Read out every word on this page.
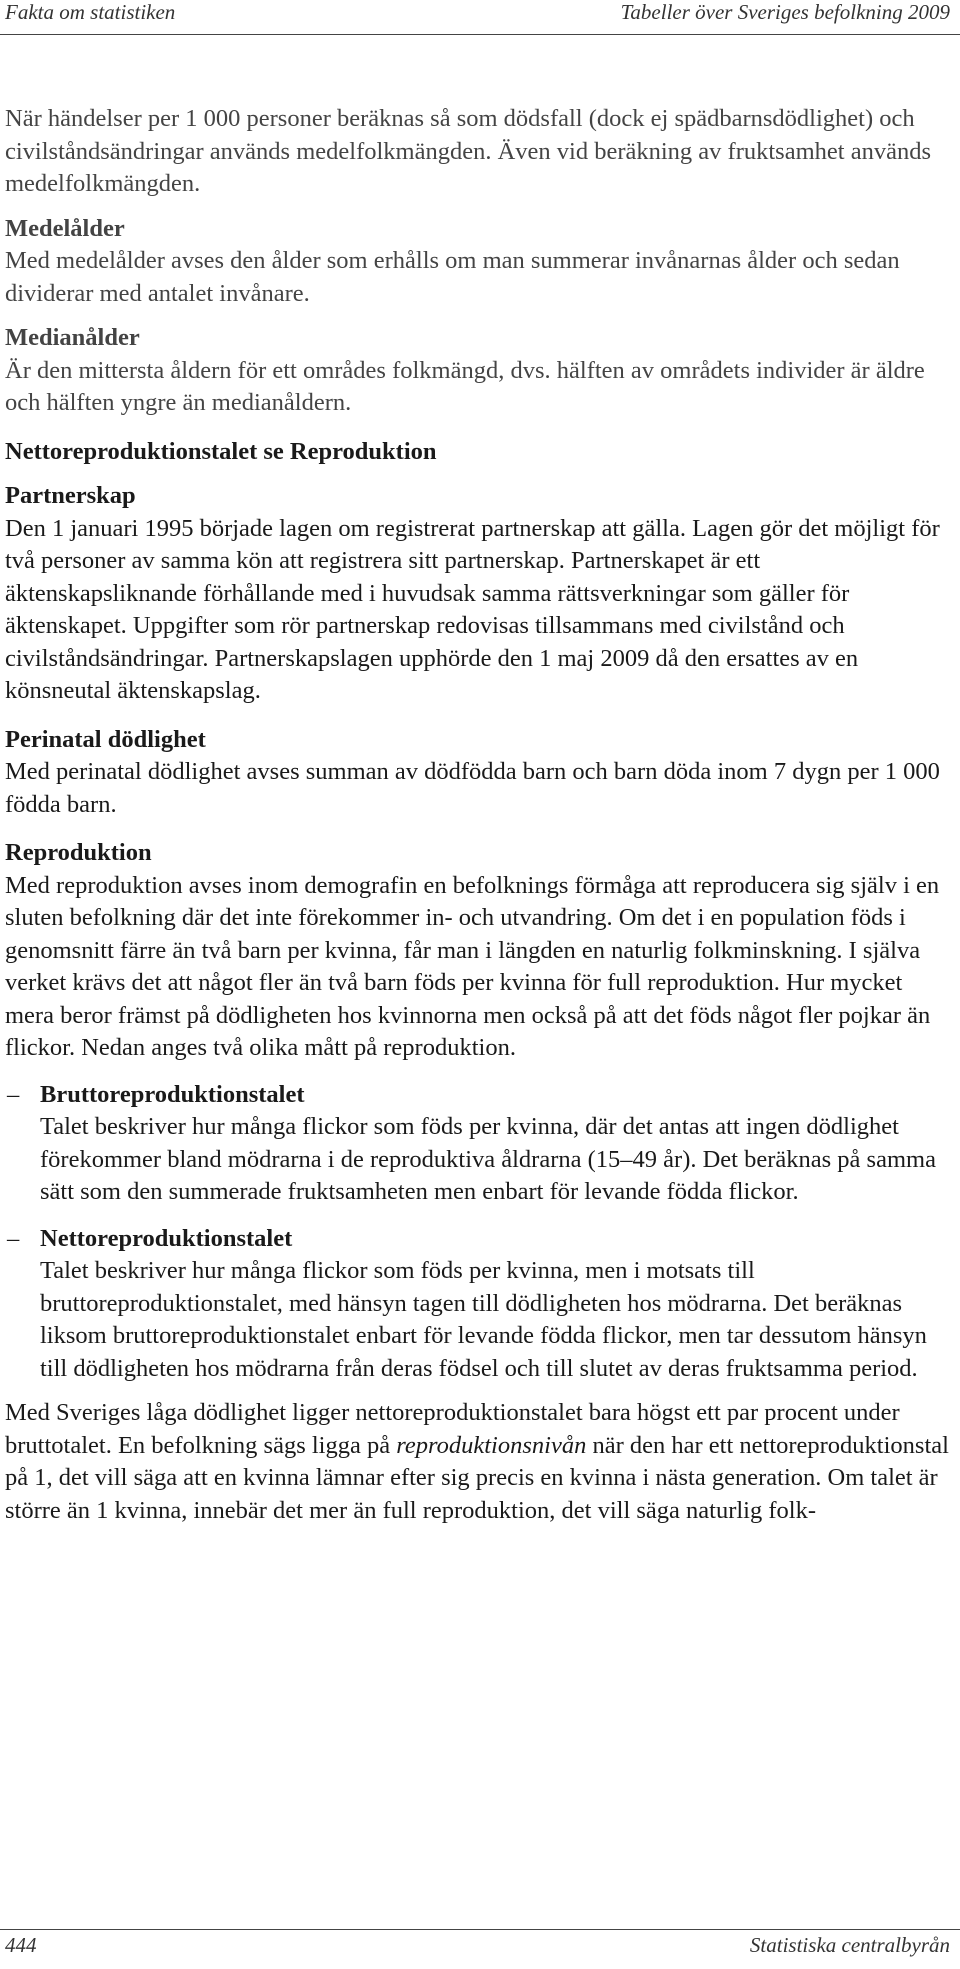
Fakta om statistiken	Tabeller över Sveriges befolkning 2009

När händelser per 1 000 personer beräknas så som dödsfall (dock ej spädbarnsdödlighet) och civilståndsändringar används medelfolkmängden. Även vid beräkning av fruktsamhet används medelfolkmängden.

Medelålder
Med medelålder avses den ålder som erhålls om man summerar invånarnas ålder och sedan dividerar med antalet invånare.
Medianålder
Är den mittersta åldern för ett områdes folkmängd, dvs. hälften av områdets individer är äldre och hälften yngre än medianåldern.
Nettoreproduktionstalet se Reproduktion
Partnerskap
Den 1 januari 1995 började lagen om registrerat partnerskap att gälla. Lagen gör det möjligt för två personer av samma kön att registrera sitt partnerskap. Partnerskapet är ett äktenskapsliknande förhållande med i huvudsak samma rättsverkningar som gäller för äktenskapet. Uppgifter som rör partnerskap redovisas tillsammans med civilstånd och civilståndsändringar. Partnerskapslagen upphörde den 1 maj 2009 då den ersattes av en könsneutal äktenskapslag.
Perinatal dödlighet
Med perinatal dödlighet avses summan av dödfödda barn och barn döda inom 7 dygn per 1 000 födda barn.
Reproduktion
Med reproduktion avses inom demografin en befolknings förmåga att reproducera sig själv i en sluten befolkning där det inte förekommer in- och utvandring. Om det i en population föds i genomsnitt färre än två barn per kvinna, får man i längden en naturlig folkminskning. I själva verket krävs det att något fler än två barn föds per kvinna för full reproduktion. Hur mycket mera beror främst på dödligheten hos kvinnorna men också på att det föds något fler pojkar än flickor. Nedan anges två olika mått på reproduktion.
– Bruttoreproduktionstalet
Talet beskriver hur många flickor som föds per kvinna, där det antas att ingen dödlighet förekommer bland mödrarna i de reproduktiva åldrarna (15–49 år). Det beräknas på samma sätt som den summerade fruktsamheten men enbart för levande födda flickor.
– Nettoreproduktionstalet
Talet beskriver hur många flickor som föds per kvinna, men i motsats till bruttoreproduktionstalet, med hänsyn tagen till dödligheten hos mödrarna. Det beräknas liksom bruttoreproduktionstalet enbart för levande födda flickor, men tar dessutom hänsyn till dödligheten hos mödrarna från deras födsel och till slutet av deras fruktsamma period.

Med Sveriges låga dödlighet ligger nettoreproduktionstalet bara högst ett par procent under bruttotalet. En befolkning sägs ligga på reproduktionsnivån när den har ett nettoreproduktionstal på 1, det vill säga att en kvinna lämnar efter sig precis en kvinna i nästa generation. Om talet är större än 1 kvinna, innebär det mer än full reproduktion, det vill säga naturlig folk-

444	Statistiska centralbyrån
